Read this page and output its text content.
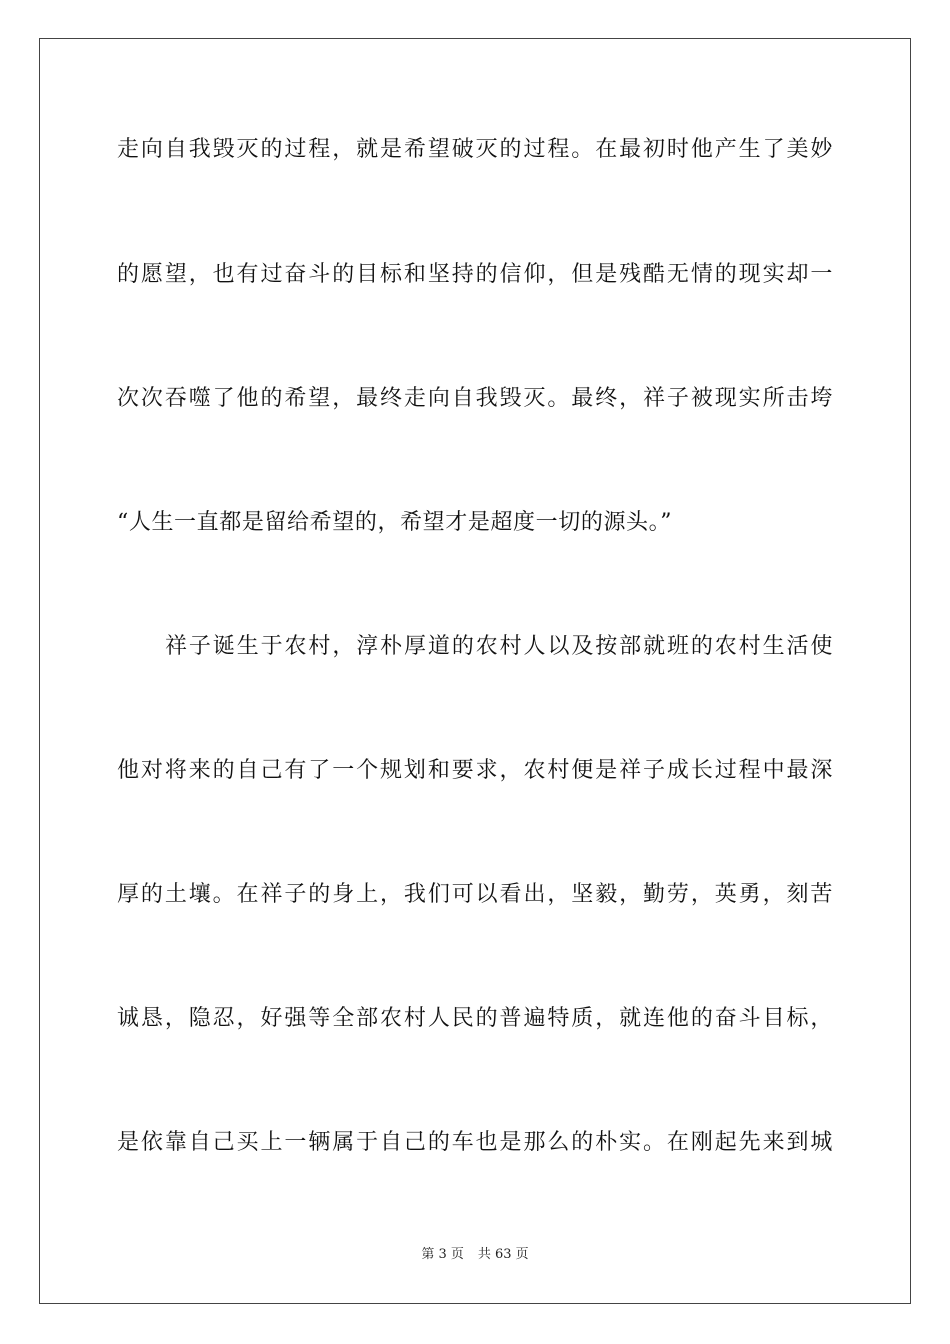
走向自我毁灭的过程，就是希望破灭的过程。在最初时他产生了美妙
的愿望，也有过奋斗的目标和坚持的信仰，但是残酷无情的现实却一
次次吞噬了他的希望，最终走向自我毁灭。最终，祥子被现实所击垮
“人生一直都是留给希望的，希望才是超度一切的源头。”
祥子诞生于农村，淳朴厚道的农村人以及按部就班的农村生活使
他对将来的自己有了一个规划和要求，农村便是祥子成长过程中最深
厚的土壤。在祥子的身上，我们可以看出，坚毅，勤劳，英勇，刻苦
诚恳，隐忍，好强等全部农村人民的普遍特质，就连他的奋斗目标，
是依靠自己买上一辆属于自己的车也是那么的朴实。在刚起先来到城
第 3 页 共 63 页
